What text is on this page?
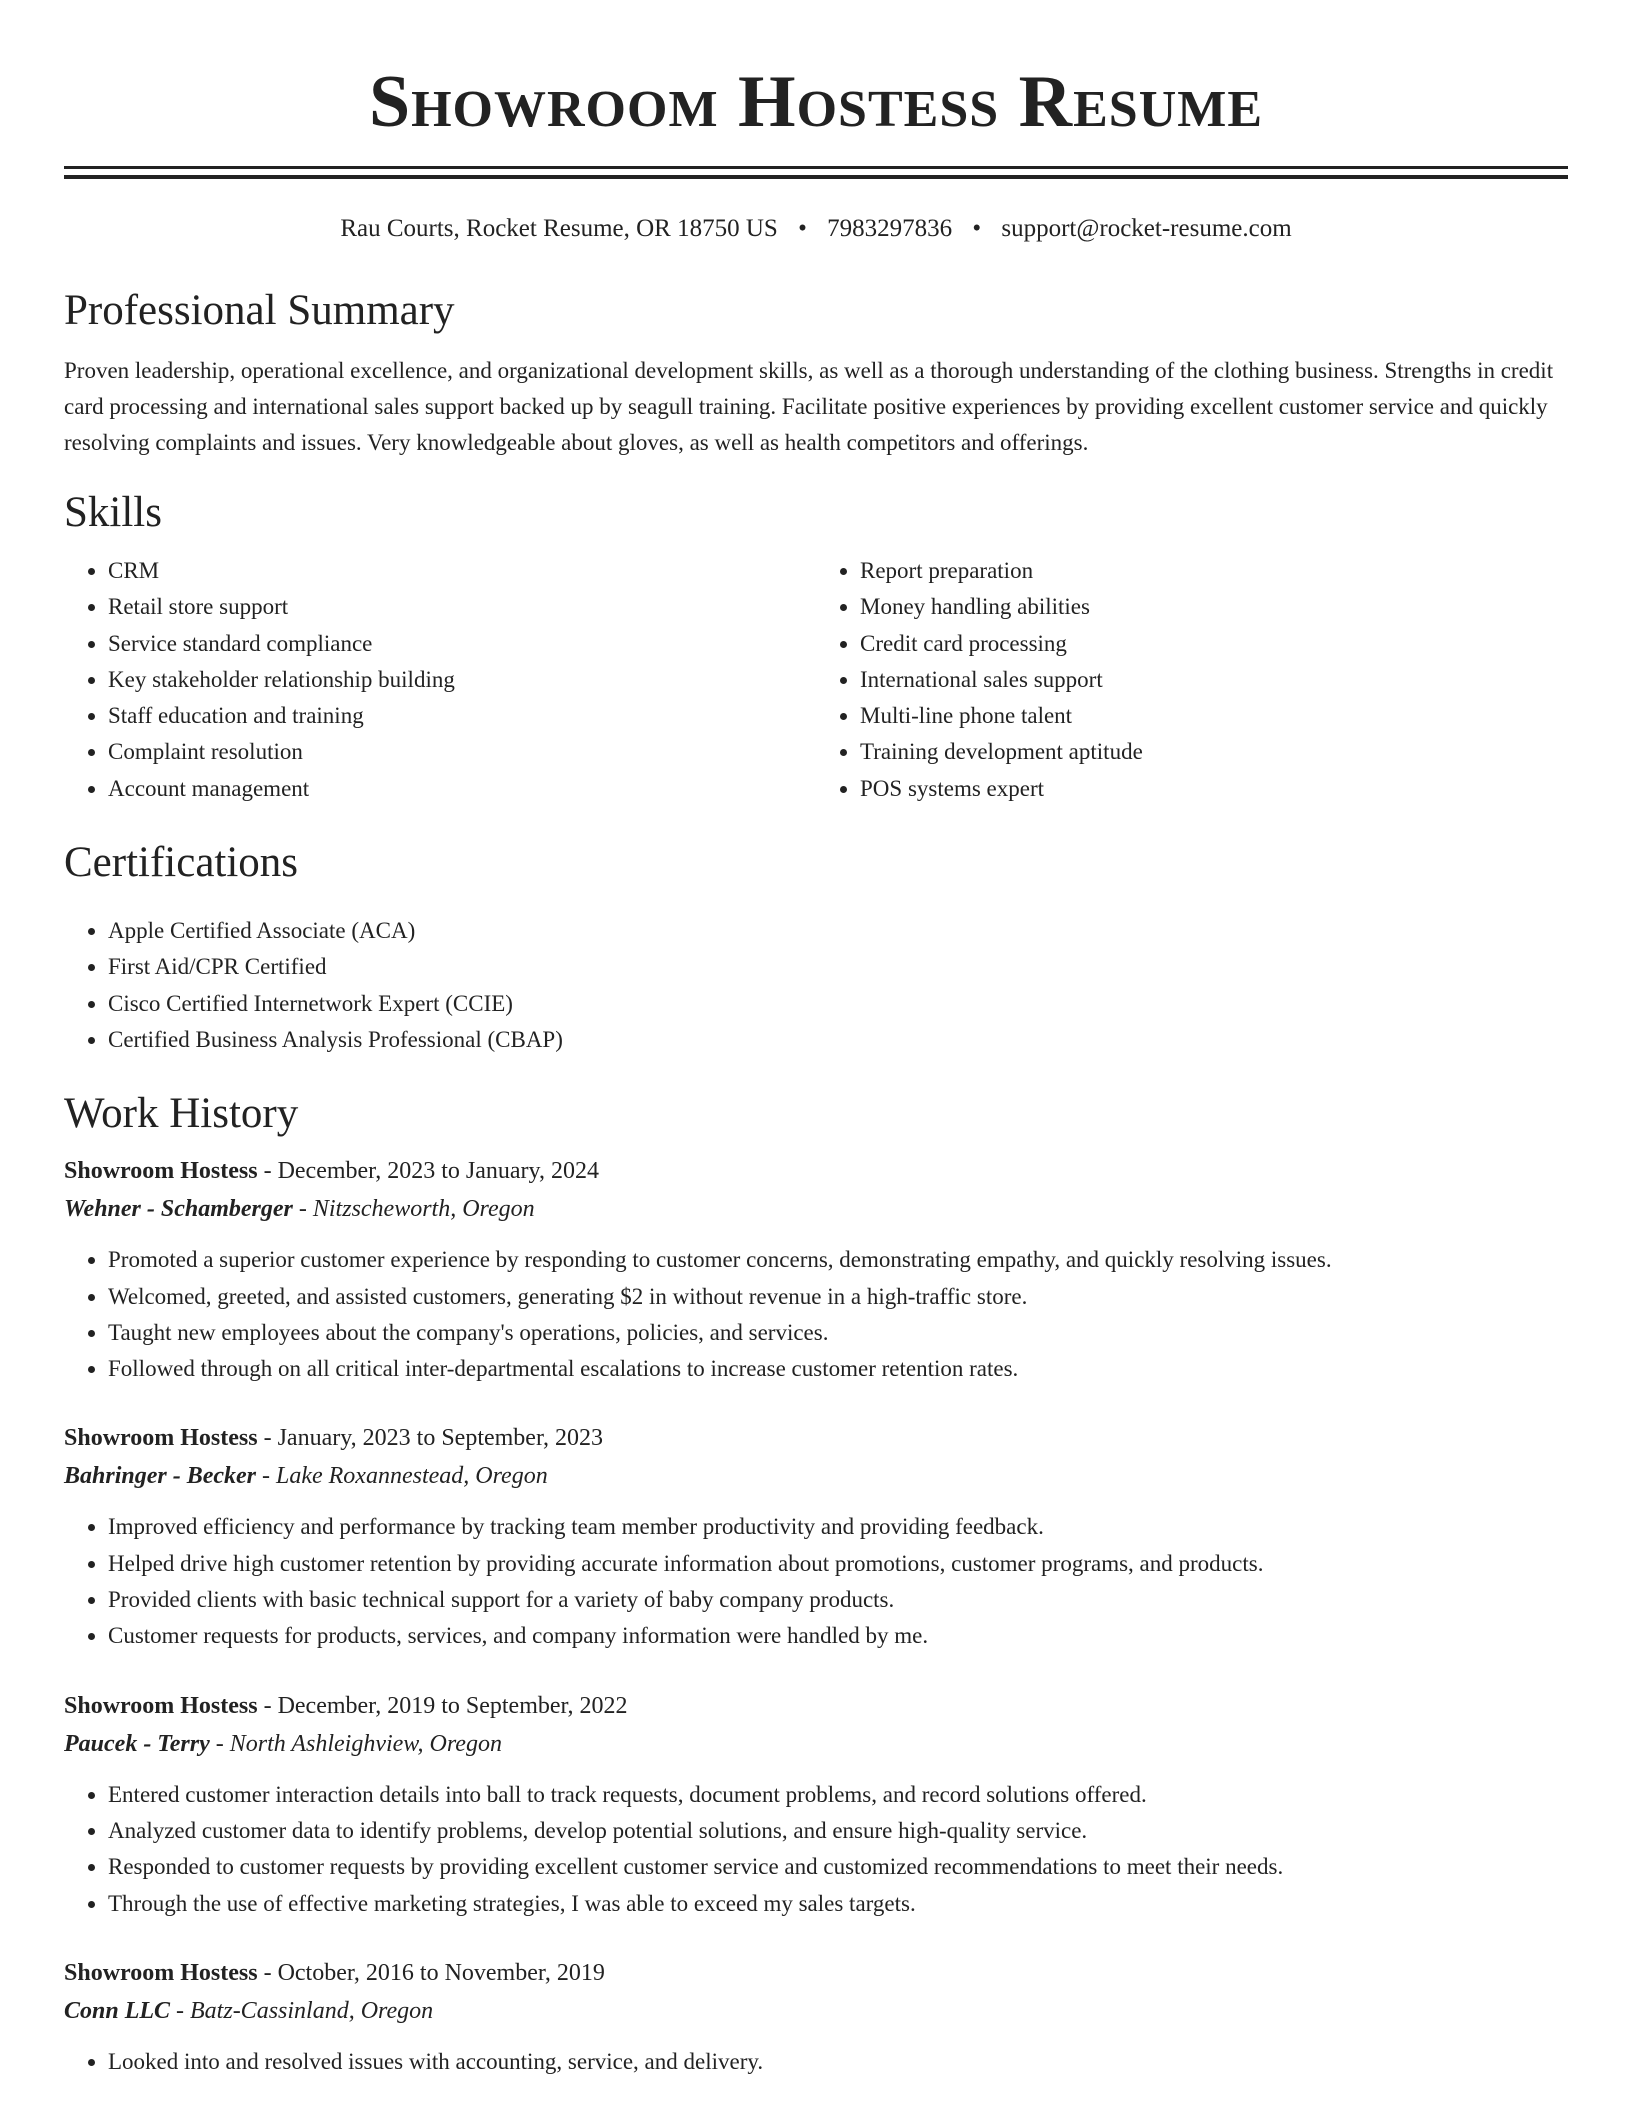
Showroom Hostess Resume
Rau Courts, Rocket Resume, OR 18750 US • 7983297836 • support@rocket-resume.com
Professional Summary

Proven leadership, operational excellence, and organizational development skills, as well as a thorough understanding of the clothing business. Strengths in credit card processing and international sales support backed up by seagull training. Facilitate positive experiences by providing excellent customer service and quickly resolving complaints and issues. Very knowledgeable about gloves, as well as health competitors and offerings.

Skills
• CRM
• Retail store support
• Service standard compliance
• Key stakeholder relationship building
• Staff education and training
• Complaint resolution
• Account management
• Report preparation
• Money handling abilities
• Credit card processing
• International sales support
• Multi-line phone talent
• Training development aptitude
• POS systems expert
Certifications
• Apple Certified Associate (ACA)
• First Aid/CPR Certified
• Cisco Certified Internetwork Expert (CCIE)
• Certified Business Analysis Professional (CBAP)
Work History
Showroom Hostess - December, 2023 to January, 2024
Wehner - Schamberger - Nitzscheworth, Oregon
• Promoted a superior customer experience by responding to customer concerns, demonstrating empathy, and quickly resolving issues.
• Welcomed, greeted, and assisted customers, generating $2 in without revenue in a high-traffic store.
• Taught new employees about the company's operations, policies, and services.
• Followed through on all critical inter-departmental escalations to increase customer retention rates.
Showroom Hostess - January, 2023 to September, 2023
Bahringer - Becker - Lake Roxannestead, Oregon
• Improved efficiency and performance by tracking team member productivity and providing feedback.
• Helped drive high customer retention by providing accurate information about promotions, customer programs, and products.
• Provided clients with basic technical support for a variety of baby company products.
• Customer requests for products, services, and company information were handled by me.
Showroom Hostess - December, 2019 to September, 2022
Paucek - Terry - North Ashleighview, Oregon
• Entered customer interaction details into ball to track requests, document problems, and record solutions offered.
• Analyzed customer data to identify problems, develop potential solutions, and ensure high-quality service.
• Responded to customer requests by providing excellent customer service and customized recommendations to meet their needs.
• Through the use of effective marketing strategies, I was able to exceed my sales targets.
Showroom Hostess - October, 2016 to November, 2019
Conn LLC - Batz-Cassinland, Oregon
• Looked into and resolved issues with accounting, service, and delivery.
